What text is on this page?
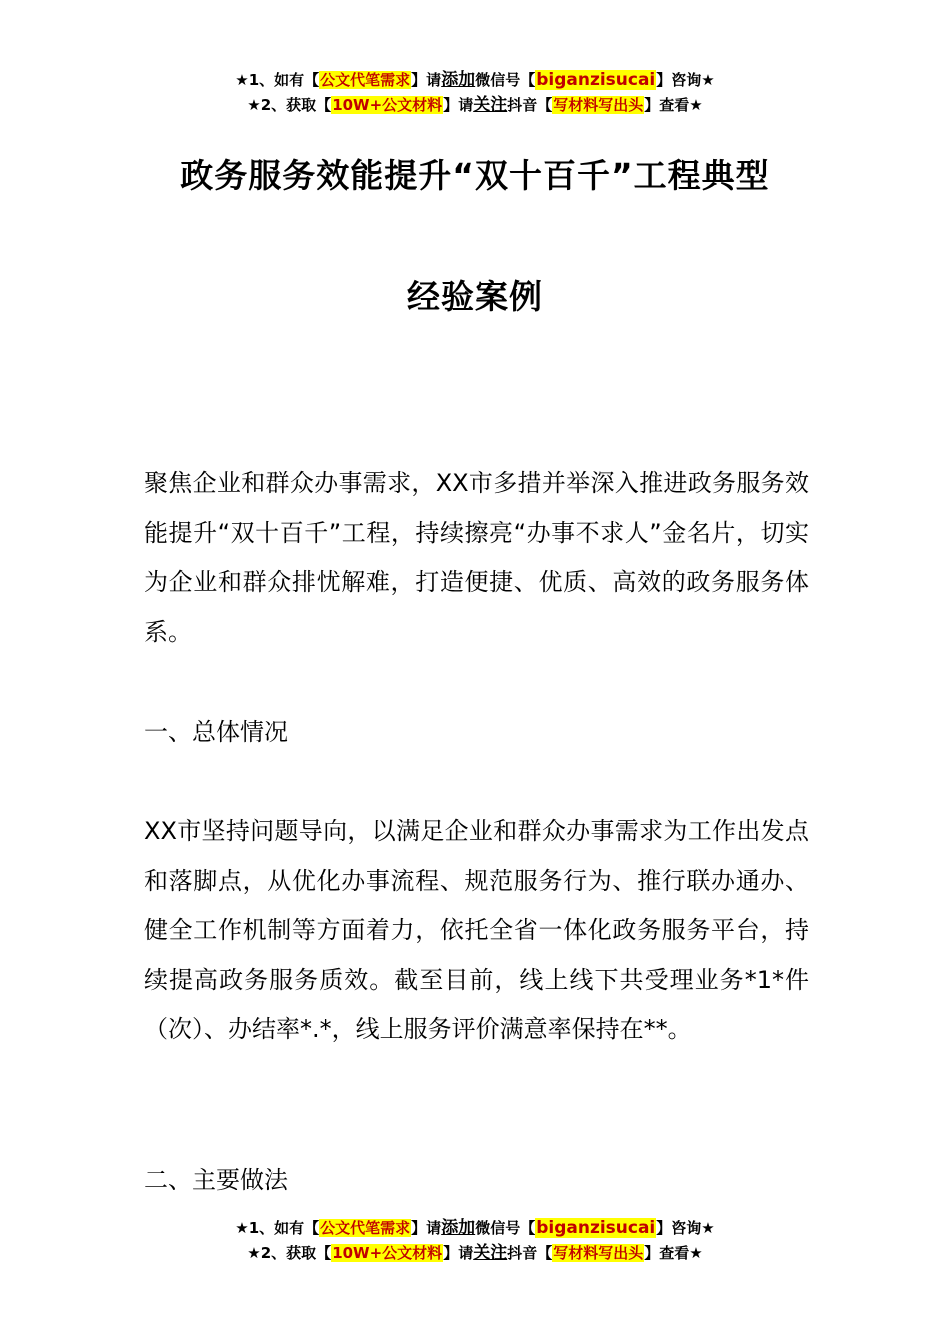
★1、如有【公文代笔需求】请添加微信号【biganzisucai】咨询★
★2、获取【10W+公文材料】请关注抖音【写材料写出头】查看★
政务服务效能提升“双十百千”工程典型
经验案例

聚焦企业和群众办事需求，XX市多措并举深入推进政务服务效能提升“双十百千”工程，持续擦亮“办事不求人”金名片，切实为企业和群众排忧解难，打造便捷、优质、高效的政务服务体系。

一、总体情况

XX市坚持问题导向，以满足企业和群众办事需求为工作出发点和落脚点，从优化办事流程、规范服务行为、推行联办通办、健全工作机制等方面着力，依托全省一体化政务服务平台，持续提高政务服务质效。截至目前，线上线下共受理业务*1*件（次）、办结率*.*，线上服务评价满意率保持在**。

二、主要做法

★1、如有【公文代笔需求】请添加微信号【biganzisucai】咨询★
★2、获取【10W+公文材料】请关注抖音【写材料写出头】查看★
